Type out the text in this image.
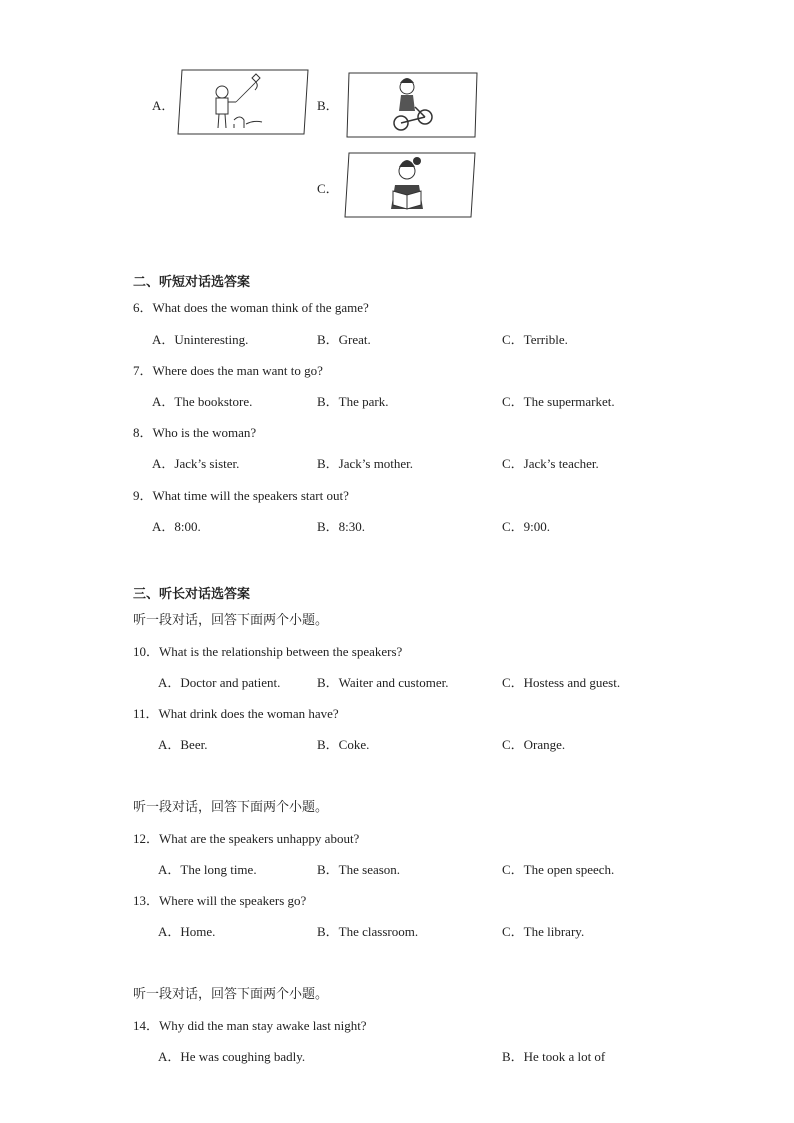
A．	B．
C．
二、听短对话选答案
6．What does the woman think of the game?
A．Uninteresting.	B．Great.	C．Terrible.
7．Where does the man want to go?
A．The bookstore.	B．The park.	C．The supermarket.
8．Who is the woman?
A．Jack’s sister.	B．Jack’s mother.	C．Jack’s teacher.
9．What time will the speakers start out?
A．8:00.	B．8:30.	C．9:00.
三、听长对话选答案
听一段对话，回答下面两个小题。
10．What is the relationship between the speakers?
A．Doctor and patient.	B．Waiter and customer.	C．Hostess and guest.
11．What drink does the woman have?
A．Beer.	B．Coke.	C．Orange.
听一段对话，回答下面两个小题。
12．What are the speakers unhappy about?
A．The long time.	B．The season.	C．The open speech.
13．Where will the speakers go?
A．Home.	B．The classroom.	C．The library.
听一段对话，回答下面两个小题。
14．Why did the man stay awake last night?
A．He was coughing badly.	B．He took a lot of
